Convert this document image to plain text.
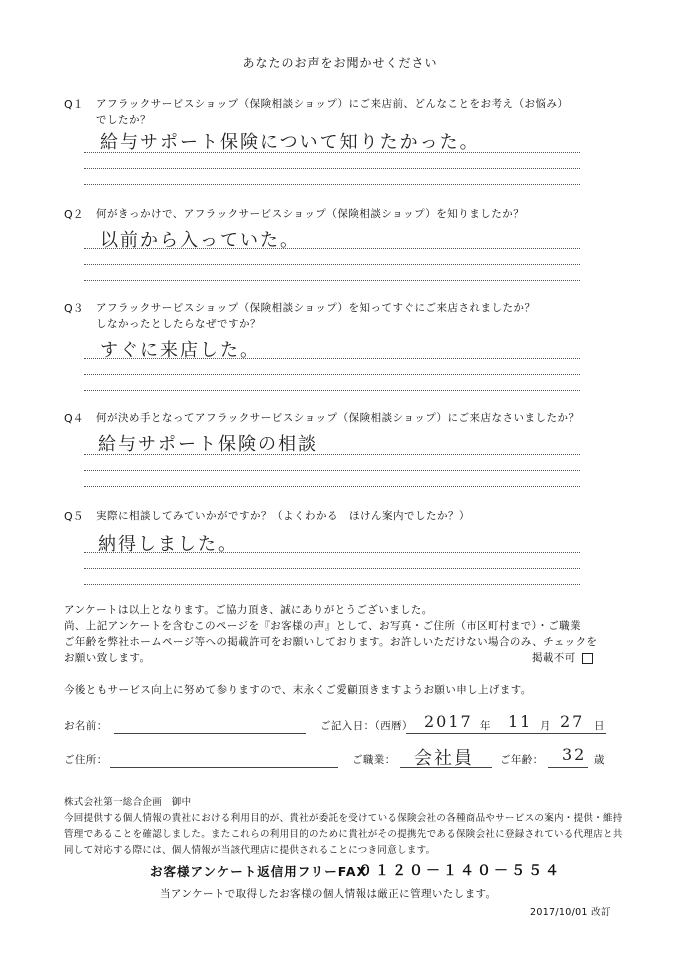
あなたのお声をお聞かせください
Q１ アフラックサービスショップ（保険相談ショップ）にご来店前、どんなことをお考え（お悩み）
でしたか？
給与サポート保険について知りたかった。
Q２ 何がきっかけで、アフラックサービスショップ（保険相談ショップ）を知りましたか？
以前から入っていた。
Q３ アフラックサービスショップ（保険相談ショップ）を知ってすぐにご来店されましたか？
しなかったとしたらなぜですか？
すぐに来店した。
Q４ 何が決め手となってアフラックサービスショップ（保険相談ショップ）にご来店なさいましたか？
給与サポート保険の相談
Q５ 実際に相談してみていかがですか？（よくわかる　ほけん案内でしたか？）
納得しました。
アンケートは以上となります。ご協力頂き、誠にありがとうございました。
尚、上記アンケートを含むこのページを『お客様の声』として、お写真・ご住所（市区町村まで）・ご職業
ご年齢を弊社ホームページ等への掲載許可をお願いしております。お許しいただけない場合のみ、チェックを
お願い致します。	掲載不可
今後ともサービス向上に努めて参りますので、末永くご愛顧頂きますようお願い申し上げます。
お名前：	ご記入日：（西暦） 2017 年 11 月 27 日
ご住所：	ご職業： 会社員 ご年齢： 32 歳
株式会社第一総合企画　御中
今回提供する個人情報の貴社における利用目的が、貴社が委託を受けている保険会社の各種商品やサービスの案内・提供・維持
管理であることを確認しました。またこれらの利用目的のために貴社がその提携先である保険会社に登録されている代理店と共
同して対応する際には、個人情報が当該代理店に提供されることにつき同意します。
お客様アンケート返信用フリーFAX
０１２０－１４０－５５４
当アンケートで取得したお客様の個人情報は厳正に管理いたします。
2017/10/01 改訂
